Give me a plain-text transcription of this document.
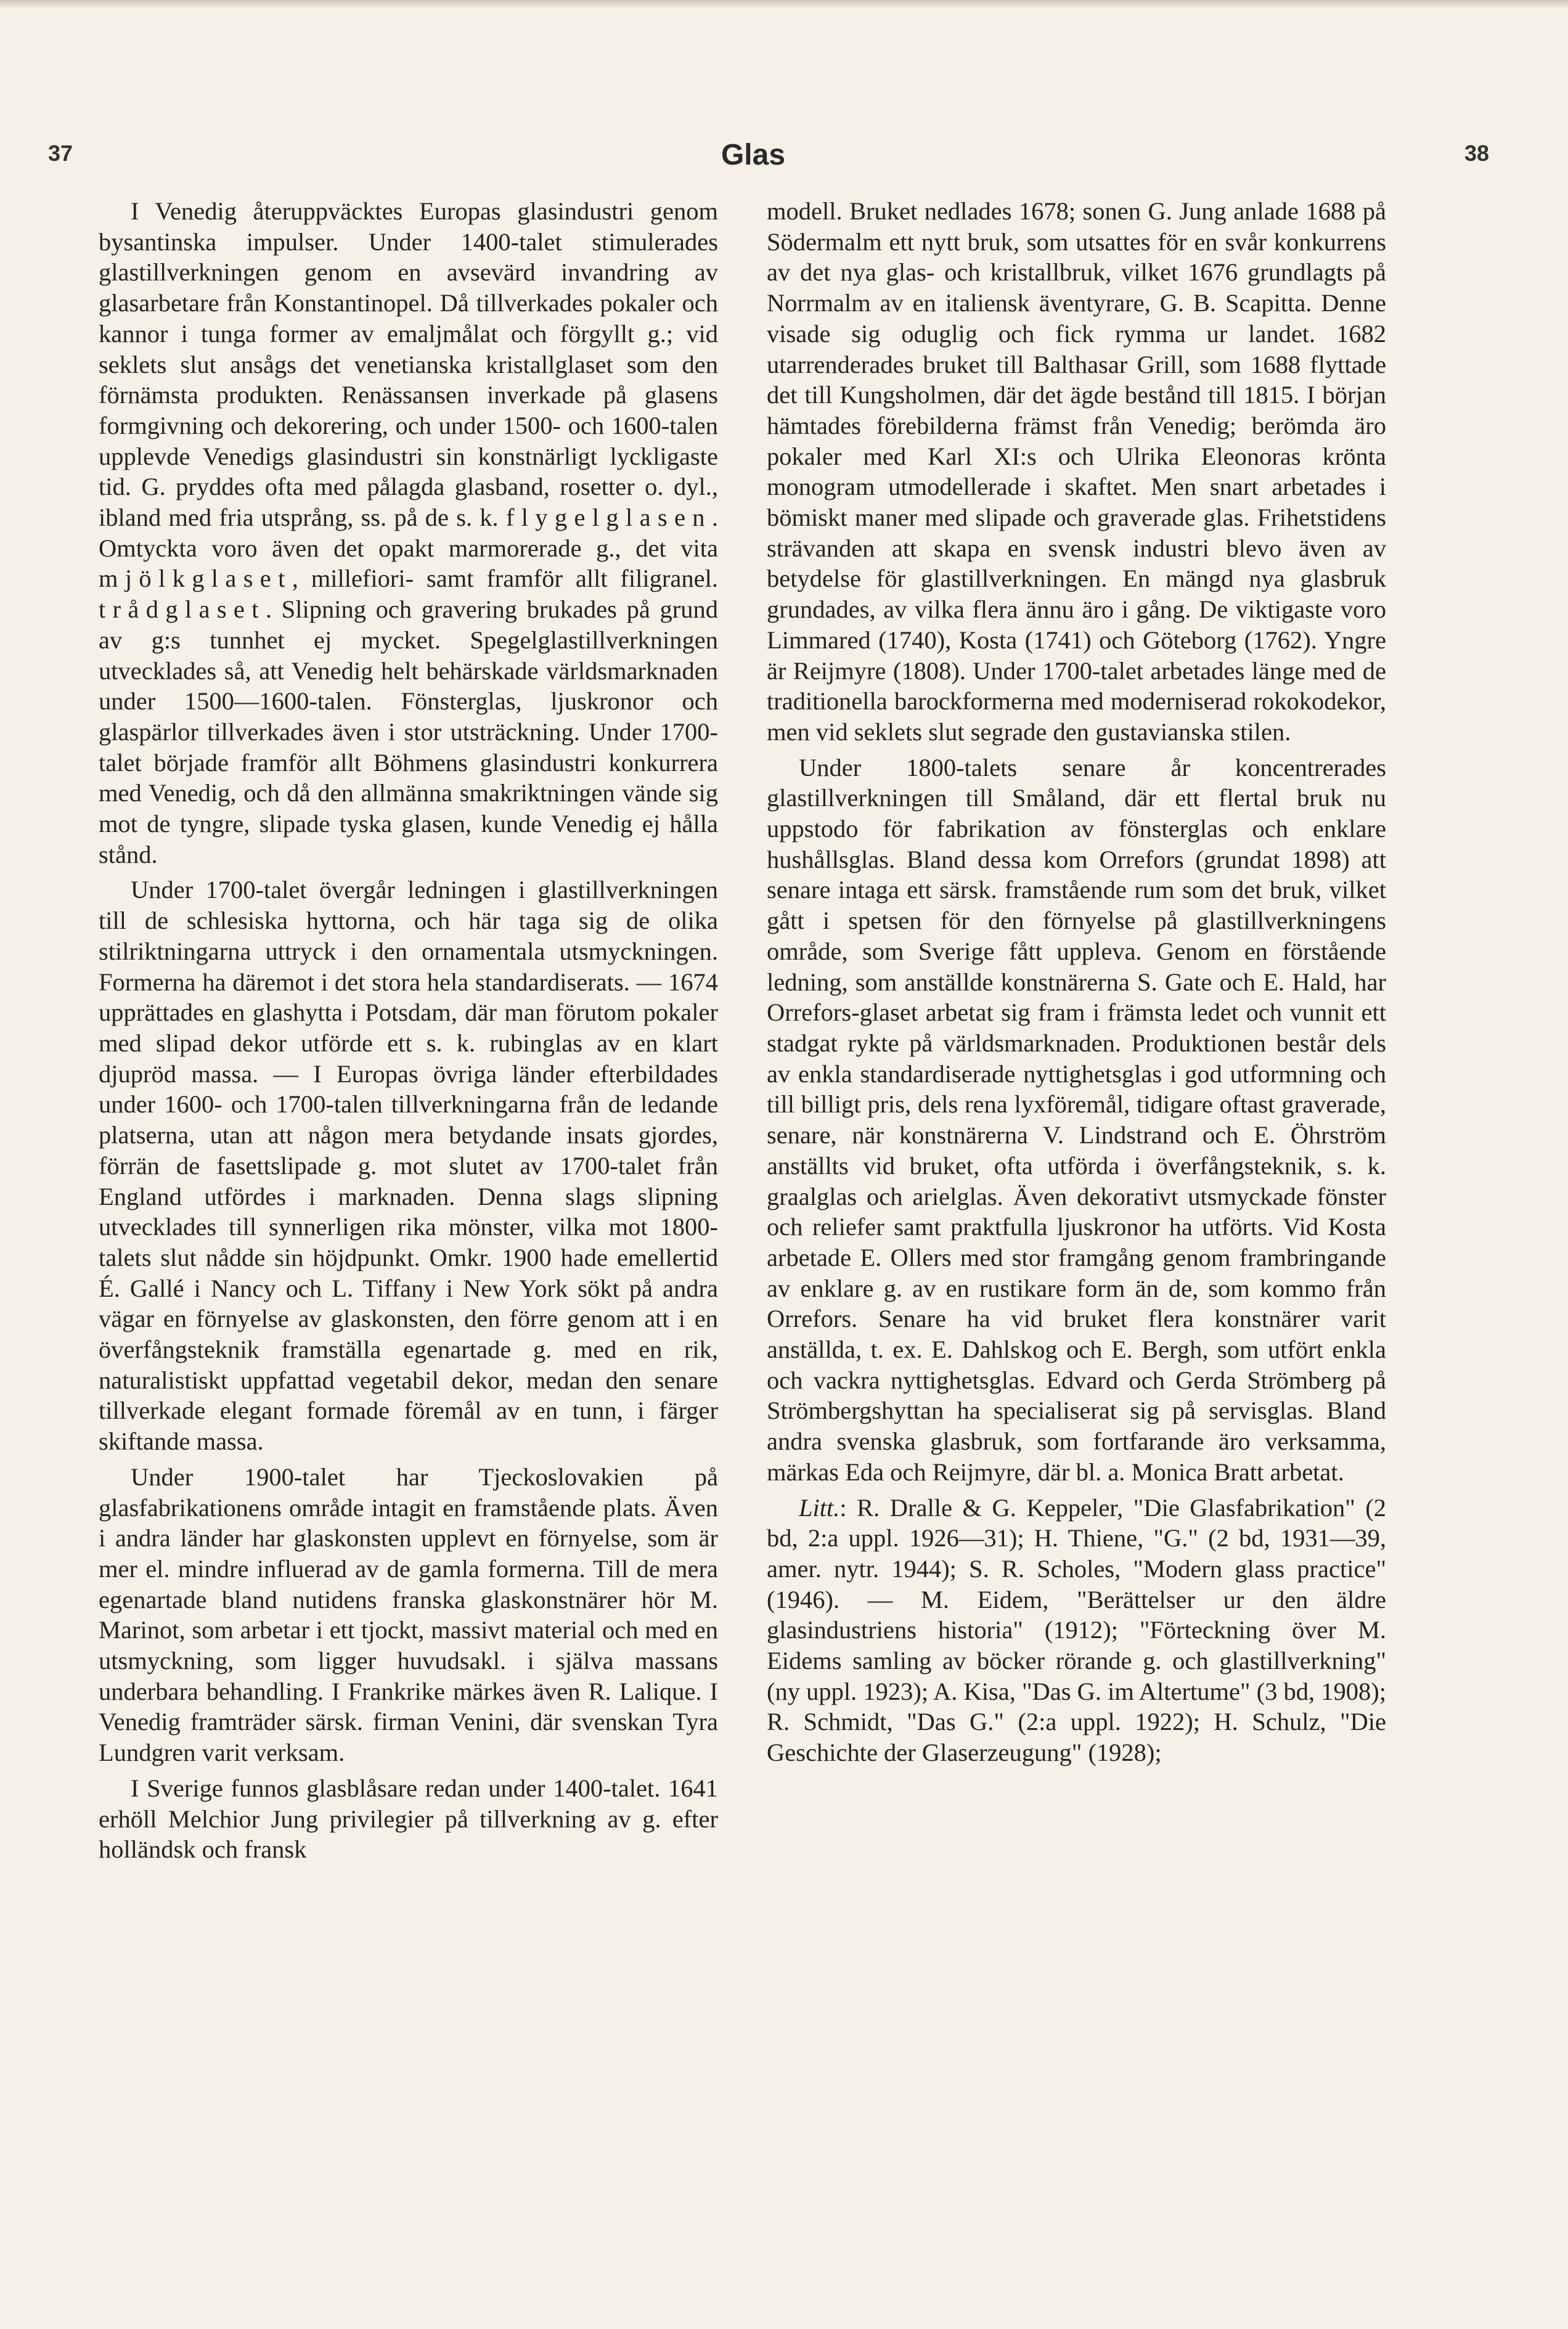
37	Glas	38

I Venedig återuppväcktes Europas glasindustri genom bysantinska impulser. Under 1400-talet stimulerades glastillverkningen genom en avsevärd invandring av glasarbetare från Konstantinopel. Då tillverkades pokaler och kannor i tunga former av emaljmålat och förgyllt g.; vid seklets slut ansågs det venetianska kristallglaset som den förnämsta produkten. Renässansen inverkade på glasens formgivning och dekorering, och under 1500- och 1600-talen upplevde Venedigs glasindustri sin konstnärligt lyckligaste tid. G. pryddes ofta med pålagda glasband, rosetter o. dyl., ibland med fria utsprång, ss. på de s. k. flygelglasen. Omtyckta voro även det opakt marmorerade g., det vita mjölkglaset, millefiori- samt framför allt filigranel. trådglaset. Slipning och gravering brukades på grund av g:s tunnhet ej mycket. Spegelglastillverkningen utvecklades så, att Venedig helt behärskade världsmarknaden under 1500—1600-talen. Fönsterglas, ljuskronor och glaspärlor tillverkades även i stor utsträckning. Under 1700-talet började framför allt Böhmens glasindustri konkurrera med Venedig, och då den allmänna smakriktningen vände sig mot de tyngre, slipade tyska glasen, kunde Venedig ej hålla stånd.

Under 1700-talet övergår ledningen i glastillverkningen till de schlesiska hyttorna, och här taga sig de olika stilriktningarna uttryck i den ornamentala utsmyckningen. Formerna ha däremot i det stora hela standardiserats. — 1674 upprättades en glashytta i Potsdam, där man förutom pokaler med slipad dekor utförde ett s. k. rubinglas av en klart djupröd massa. — I Europas övriga länder efterbildades under 1600- och 1700-talen tillverkningarna från de ledande platserna, utan att någon mera betydande insats gjordes, förrän de fasettslipade g. mot slutet av 1700-talet från England utfördes i marknaden. Denna slags slipning utvecklades till synnerligen rika mönster, vilka mot 1800-talets slut nådde sin höjdpunkt. Omkr. 1900 hade emellertid É. Gallé i Nancy och L. Tiffany i New York sökt på andra vägar en förnyelse av glaskonsten, den förre genom att i en överfångsteknik framställa egenartade g. med en rik, naturalistiskt uppfattad vegetabil dekor, medan den senare tillverkade elegant formade föremål av en tunn, i färger skiftande massa.

Under 1900-talet har Tjeckoslovakien på glasfabrikationens område intagit en framstående plats. Även i andra länder har glaskonsten upplevt en förnyelse, som är mer el. mindre influerad av de gamla formerna. Till de mera egenartade bland nutidens franska glaskonstnärer hör M. Marinot, som arbetar i ett tjockt, massivt material och med en utsmyckning, som ligger huvudsakl. i själva massans underbara behandling. I Frankrike märkes även R. Lalique. I Venedig framträder särsk. firman Venini, där svenskan Tyra Lundgren varit verksam.

I Sverige funnos glasblåsare redan under 1400-talet. 1641 erhöll Melchior Jung privilegier på tillverkning av g. efter holländsk och fransk

modell. Bruket nedlades 1678; sonen G. Jung anlade 1688 på Södermalm ett nytt bruk, som utsattes för en svår konkurrens av det nya glas- och kristallbruk, vilket 1676 grundlagts på Norrmalm av en italiensk äventyrare, G. B. Scapitta. Denne visade sig oduglig och fick rymma ur landet. 1682 utarrenderades bruket till Balthasar Grill, som 1688 flyttade det till Kungsholmen, där det ägde bestånd till 1815. I början hämtades förebilderna främst från Venedig; berömda äro pokaler med Karl XI:s och Ulrika Eleonoras krönta monogram utmodellerade i skaftet. Men snart arbetades i bömiskt maner med slipade och graverade glas. Frihetstidens strävanden att skapa en svensk industri blevo även av betydelse för glastillverkningen. En mängd nya glasbruk grundades, av vilka flera ännu äro i gång. De viktigaste voro Limmared (1740), Kosta (1741) och Göteborg (1762). Yngre är Reijmyre (1808). Under 1700-talet arbetades länge med de traditionella barockformerna med moderniserad rokokodekor, men vid seklets slut segrade den gustavianska stilen.

Under 1800-talets senare år koncentrerades glastillverkningen till Småland, där ett flertal bruk nu uppstodo för fabrikation av fönsterglas och enklare hushållsglas. Bland dessa kom Orrefors (grundat 1898) att senare intaga ett särsk. framstående rum som det bruk, vilket gått i spetsen för den förnyelse på glastillverkningens område, som Sverige fått uppleva. Genom en förstående ledning, som anställde konstnärerna S. Gate och E. Hald, har Orrefors-glaset arbetat sig fram i främsta ledet och vunnit ett stadgat rykte på världsmarknaden. Produktionen består dels av enkla standardiserade nyttighetsglas i god utformning och till billigt pris, dels rena lyxföremål, tidigare oftast graverade, senare, när konstnärerna V. Lindstrand och E. Öhrström anställts vid bruket, ofta utförda i överfångsteknik, s. k. graalglas och arielglas. Även dekorativt utsmyckade fönster och reliefer samt praktfulla ljuskronor ha utförts. Vid Kosta arbetade E. Ollers med stor framgång genom frambringande av enklare g. av en rustikare form än de, som kommo från Orrefors. Senare ha vid bruket flera konstnärer varit anställda, t. ex. E. Dahlskog och E. Bergh, som utfört enkla och vackra nyttighetsglas. Edvard och Gerda Strömberg på Strömbergshyttan ha specialiserat sig på servisglas. Bland andra svenska glasbruk, som fortfarande äro verksamma, märkas Eda och Reijmyre, där bl. a. Monica Bratt arbetat.

Litt.: R. Dralle & G. Keppeler, "Die Glasfabrikation" (2 bd, 2:a uppl. 1926—31); H. Thiene, "G." (2 bd, 1931—39, amer. nytr. 1944); S. R. Scholes, "Modern glass practice" (1946). — M. Eidem, "Berättelser ur den äldre glasindustriens historia" (1912); "Förteckning över M. Eidems samling av böcker rörande g. och glastillverkning" (ny uppl. 1923); A. Kisa, "Das G. im Altertume" (3 bd, 1908); R. Schmidt, "Das G." (2:a uppl. 1922); H. Schulz, "Die Geschichte der Glaserzeugung" (1928);
